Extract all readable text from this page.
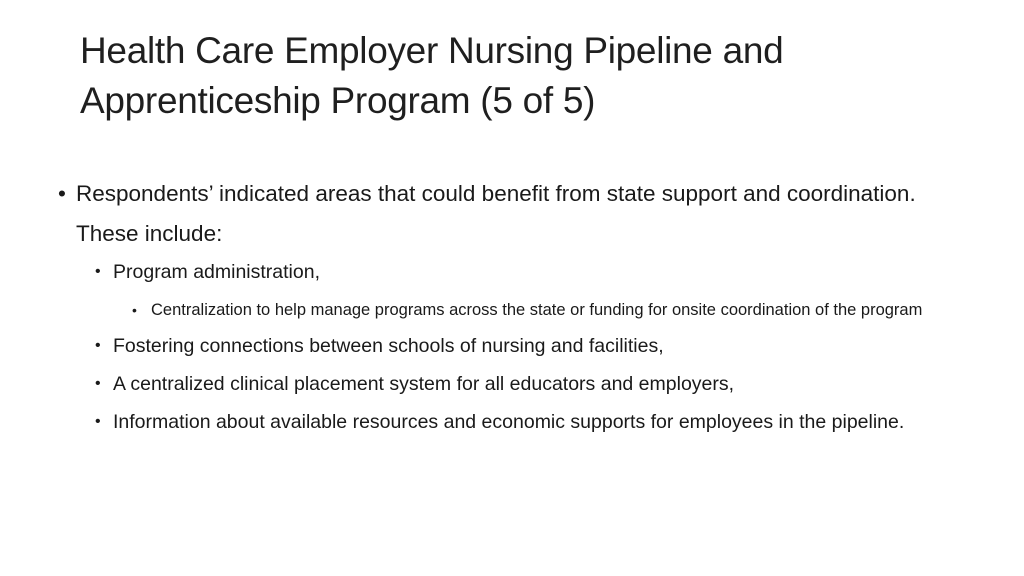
Health Care Employer Nursing Pipeline and Apprenticeship Program (5 of 5)
• Respondents’ indicated areas that could benefit from state support and coordination. These include:
• Program administration,
• Centralization to help manage programs across the state or funding for onsite coordination of the program
• Fostering connections between schools of nursing and facilities,
• A centralized clinical placement system for all educators and employers,
• Information about available resources and economic supports for employees in the pipeline.
